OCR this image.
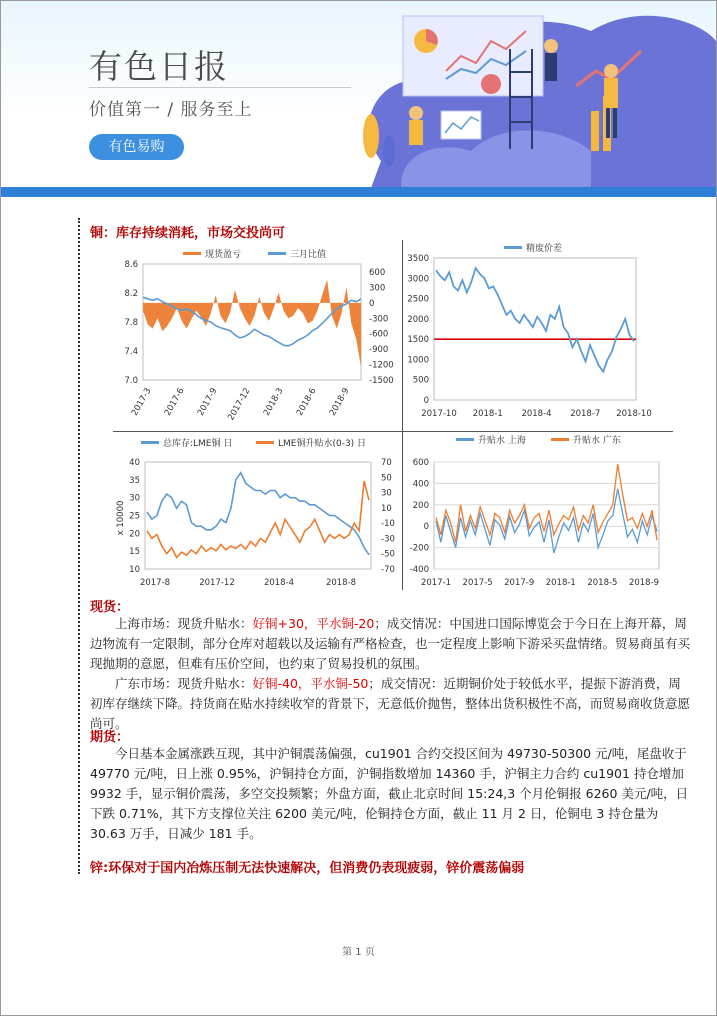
有色日报
价值第一 / 服务至上
有色易购
铜：库存持续消耗，市场交投尚可
现货盈亏	三月比值
8.6
8.2
7.8
7.4
7.0
600
300
0
-300
-600
-900
-1200
-1500
2017-3 2017-6 2017-9 2017-12 2018-3 2018-6 2018-9
精废价差
3500
3000
2500
2000
1500
1000
500
0
2017-10 2018-1 2018-4 2018-7 2018-10
总库存:LME铜 日	LME铜升贴水(0-3) 日
40
35
30
25
20
15
10
70
50
30
10
-10
-30
-50
-70
x 10000
2017-8	2017-12	2018-4	2018-8
升贴水 上海	升贴水 广东
600
400
200
0
-200
-400
2017-1 2017-5 2017-9 2018-1 2018-5 2018-9
现货：
上海市场：现货升贴水：好铜+30，平水铜-20；成交情况：中国进口国际博览会于今日在上海开幕，周边物流有一定限制，部分仓库对超载以及运输有严格检查，也一定程度上影响下游采买盘情绪。贸易商虽有买现抛期的意愿，但难有压价空间，也约束了贸易投机的氛围。
广东市场：现货升贴水：好铜-40，平水铜-50；成交情况：近期铜价处于较低水平，提振下游消费，周初库存继续下降。持货商在贴水持续收窄的背景下，无意低价抛售，整体出货积极性不高，而贸易商收货意愿尚可。
期货：
今日基本金属涨跌互现，其中沪铜震荡偏强，cu1901 合约交投区间为 49730-50300 元/吨，尾盘收于 49770 元/吨，日上涨 0.95%，沪铜持仓方面，沪铜指数增加 14360 手，沪铜主力合约 cu1901 持仓增加 9932 手，显示铜价震荡，多空交投频繁；外盘方面，截止北京时间 15:24,3 个月伦铜报 6260 美元/吨，日下跌 0.71%，其下方支撑位关注 6200 美元/吨，伦铜持仓方面，截止 11 月 2 日，伦铜电 3 持仓量为 30.63 万手，日减少 181 手。
锌:环保对于国内冶炼压制无法快速解决，但消费仍表现疲弱，锌价震荡偏弱
第 1 页
